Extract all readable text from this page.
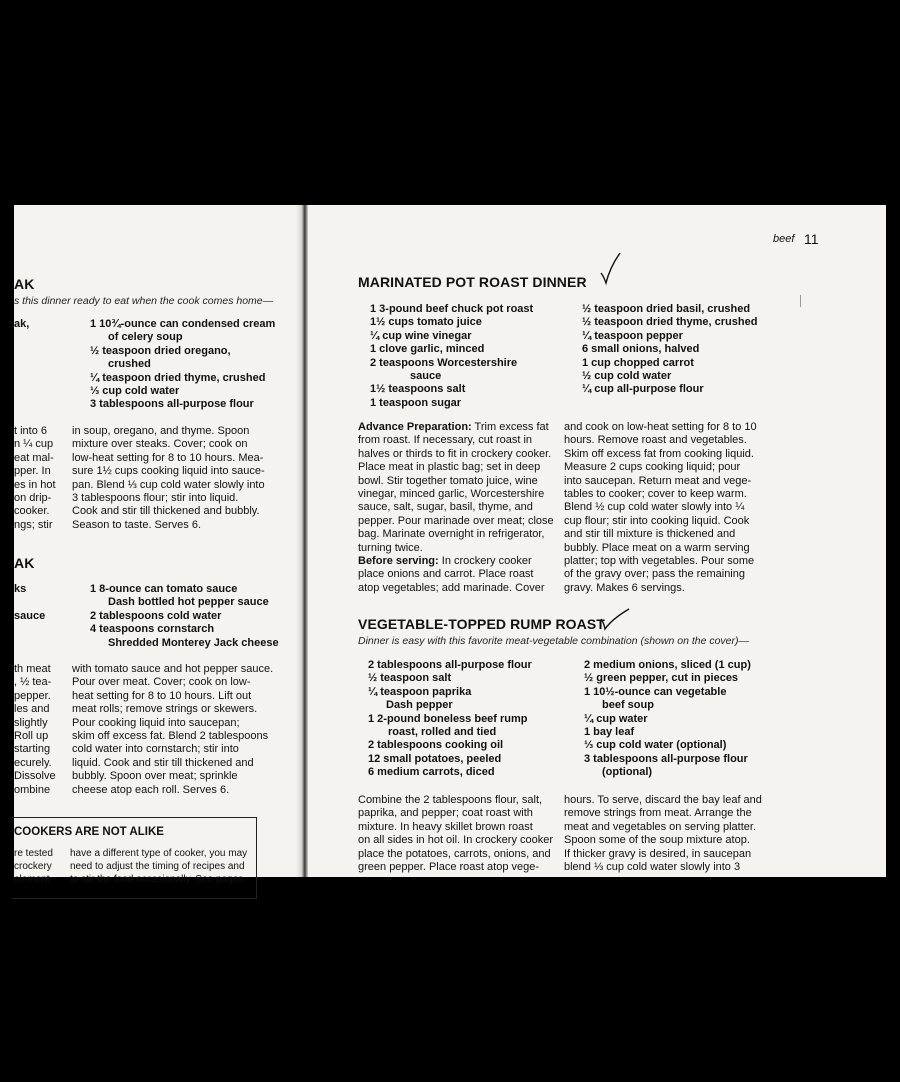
AK
s this dinner ready to eat when the cook comes home—
ak,	1 10¾-ounce can condensed cream
of celery soup
½ teaspoon dried oregano,
crushed
¼ teaspoon dried thyme, crushed
⅓ cup cold water
3 tablespoons all-purpose flour
t into 6
n ¼ cup
eat mal-
pper. In
es in hot
on drip-
cooker.
ngs; stir
in soup, oregano, and thyme. Spoon
mixture over steaks. Cover; cook on
low-heat setting for 8 to 10 hours. Mea-
sure 1½ cups cooking liquid into sauce-
pan. Blend ⅓ cup cold water slowly into
3 tablespoons flour; stir into liquid.
Cook and stir till thickened and bubbly.
Season to taste. Serves 6.
AK
ks

sauce
1 8-ounce can tomato sauce
Dash bottled hot pepper sauce
2 tablespoons cold water
4 teaspoons cornstarch
Shredded Monterey Jack cheese
th meat
, ½ tea-
pepper.
les and
slightly
Roll up
starting
ecurely.
Dissolve
ombine
with tomato sauce and hot pepper sauce.
Pour over meat. Cover; cook on low-
heat setting for 8 to 10 hours. Lift out
meat rolls; remove strings or skewers.
Pour cooking liquid into saucepan;
skim off excess fat. Blend 2 tablespoons
cold water into cornstarch; stir into
liquid. Cook and stir till thickened and
bubbly. Spoon over meat; sprinkle
cheese atop each roll. Serves 6.
COOKERS ARE NOT ALIKE
re tested
crockery
element
have a different type of cooker, you may
need to adjust the timing of recipes and
to stir the food occasionally. See pages
beef 11
MARINATED POT ROAST DINNER
1 3-pound beef chuck pot roast
1½ cups tomato juice
¼ cup wine vinegar
1 clove garlic, minced
2 teaspoons Worcestershire
sauce
1½ teaspoons salt
1 teaspoon sugar
½ teaspoon dried basil, crushed
½ teaspoon dried thyme, crushed
¼ teaspoon pepper
6 small onions, halved
1 cup chopped carrot
½ cup cold water
¼ cup all-purpose flour
Advance Preparation: Trim excess fat
from roast. If necessary, cut roast in
halves or thirds to fit in crockery cooker.
Place meat in plastic bag; set in deep
bowl. Stir together tomato juice, wine
vinegar, minced garlic, Worcestershire
sauce, salt, sugar, basil, thyme, and
pepper. Pour marinade over meat; close
bag. Marinate overnight in refrigerator,
turning twice.
Before serving: In crockery cooker
place onions and carrot. Place roast
atop vegetables; add marinade. Cover
and cook on low-heat setting for 8 to 10
hours. Remove roast and vegetables.
Skim off excess fat from cooking liquid.
Measure 2 cups cooking liquid; pour
into saucepan. Return meat and vege-
tables to cooker; cover to keep warm.
Blend ½ cup cold water slowly into ¼
cup flour; stir into cooking liquid. Cook
and stir till mixture is thickened and
bubbly. Place meat on a warm serving
platter; top with vegetables. Pour some
of the gravy over; pass the remaining
gravy. Makes 6 servings.
VEGETABLE-TOPPED RUMP ROAST
Dinner is easy with this favorite meat-vegetable combination (shown on the cover)—
2 tablespoons all-purpose flour
½ teaspoon salt
¼ teaspoon paprika
Dash pepper
1 2-pound boneless beef rump
roast, rolled and tied
2 tablespoons cooking oil
12 small potatoes, peeled
6 medium carrots, diced
2 medium onions, sliced (1 cup)
½ green pepper, cut in pieces
1 10½-ounce can vegetable
beef soup
¼ cup water
1 bay leaf
⅓ cup cold water (optional)
3 tablespoons all-purpose flour
(optional)
Combine the 2 tablespoons flour, salt,
paprika, and pepper; coat roast with
mixture. In heavy skillet brown roast
on all sides in hot oil. In crockery cooker
place the potatoes, carrots, onions, and
green pepper. Place roast atop vege-
hours. To serve, discard the bay leaf and
remove strings from meat. Arrange the
meat and vegetables on serving platter.
Spoon some of the soup mixture atop.
If thicker gravy is desired, in saucepan
blend ⅓ cup cold water slowly into 3
